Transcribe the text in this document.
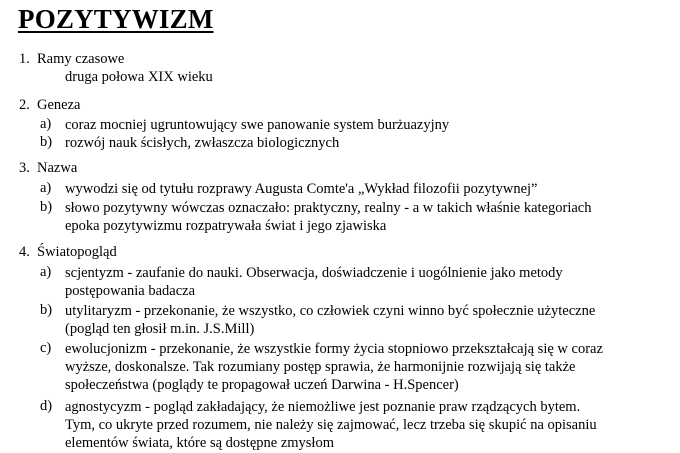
POZYTYWIZM
1. Ramy czasowe
druga połowa XIX wieku
2. Geneza
a) coraz mocniej ugruntowujący swe panowanie system burżuazyjny
b) rozwój nauk ścisłych, zwłaszcza biologicznych
3. Nazwa
a) wywodzi się od tytułu rozprawy Augusta Comte'a „Wykład filozofii pozytywnej”
b) słowo pozytywny wówczas oznaczało: praktyczny, realny - a w takich właśnie kategoriach
epoka pozytywizmu rozpatrywała świat i jego zjawiska
4. Światopogląd
a) scjentyzm - zaufanie do nauki. Obserwacja, doświadczenie i uogólnienie jako metody
postępowania badacza
b) utylitaryzm - przekonanie, że wszystko, co człowiek czyni winno być społecznie użyteczne
(pogląd ten głosił m.in. J.S.Mill)
c) ewolucjonizm - przekonanie, że wszystkie formy życia stopniowo przekształcają się w coraz
wyższe, doskonalsze. Tak rozumiany postęp sprawia, że harmonijnie rozwijają się także
społeczeństwa (poglądy te propagował uczeń Darwina - H.Spencer)
d) agnostycyzm - pogląd zakładający, że niemożliwe jest poznanie praw rządzących bytem.
Tym, co ukryte przed rozumem, nie należy się zajmować, lecz trzeba się skupić na opisaniu
elementów świata, które są dostępne zmysłom
